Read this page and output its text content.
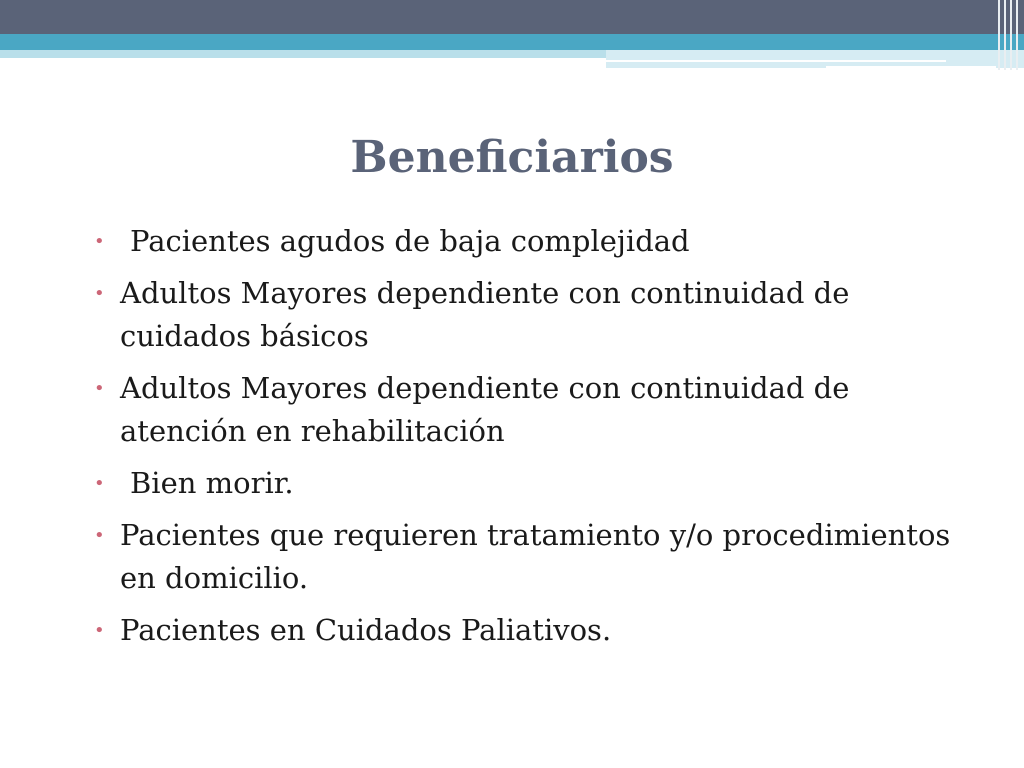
Beneficiarios
• Pacientes agudos de baja complejidad
• Adultos Mayores dependiente con continuidad de cuidados básicos
• Adultos Mayores dependiente con continuidad de atención en rehabilitación
• Bien morir.
• Pacientes que requieren tratamiento y/o procedimientos en domicilio.
• Pacientes en Cuidados Paliativos.
